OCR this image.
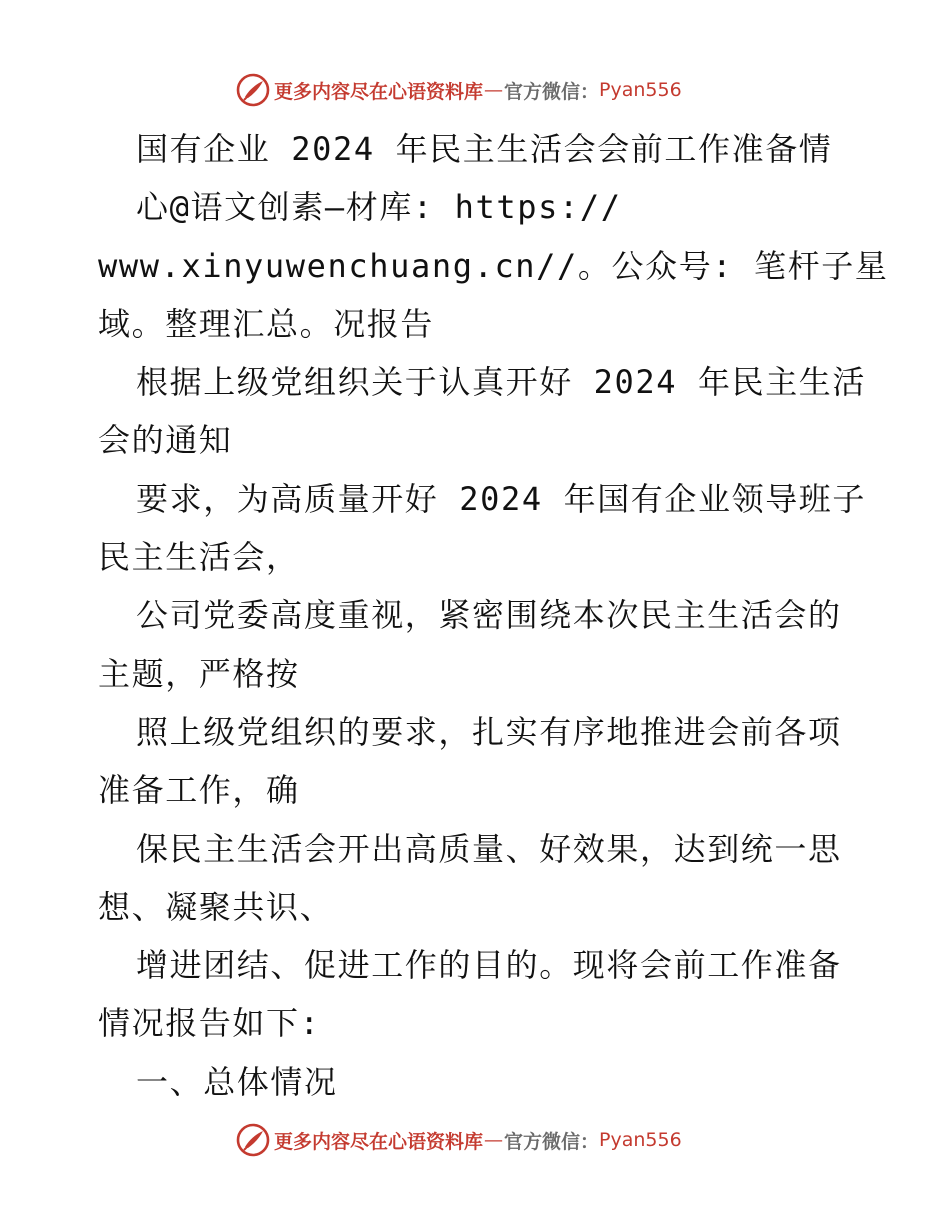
更多内容尽在心语资料库 — 官方微信： Pyan556
国有企业 2024 年民主生活会会前工作准备情
心@语文创素—材库: https://
www.xinyuwenchuang.cn//。公众号: 笔杆子星
域。整理汇总。况报告
根据上级党组织关于认真开好 2024 年民主生活
会的通知
要求，为高质量开好 2024 年国有企业领导班子
民主生活会，
公司党委高度重视，紧密围绕本次民主生活会的
主题，严格按
照上级党组织的要求，扎实有序地推进会前各项
准备工作，确
保民主生活会开出高质量、好效果，达到统一思
想、凝聚共识、
增进团结、促进工作的目的。现将会前工作准备
情况报告如下:
一、总体情况
更多内容尽在心语资料库 — 官方微信： Pyan556
